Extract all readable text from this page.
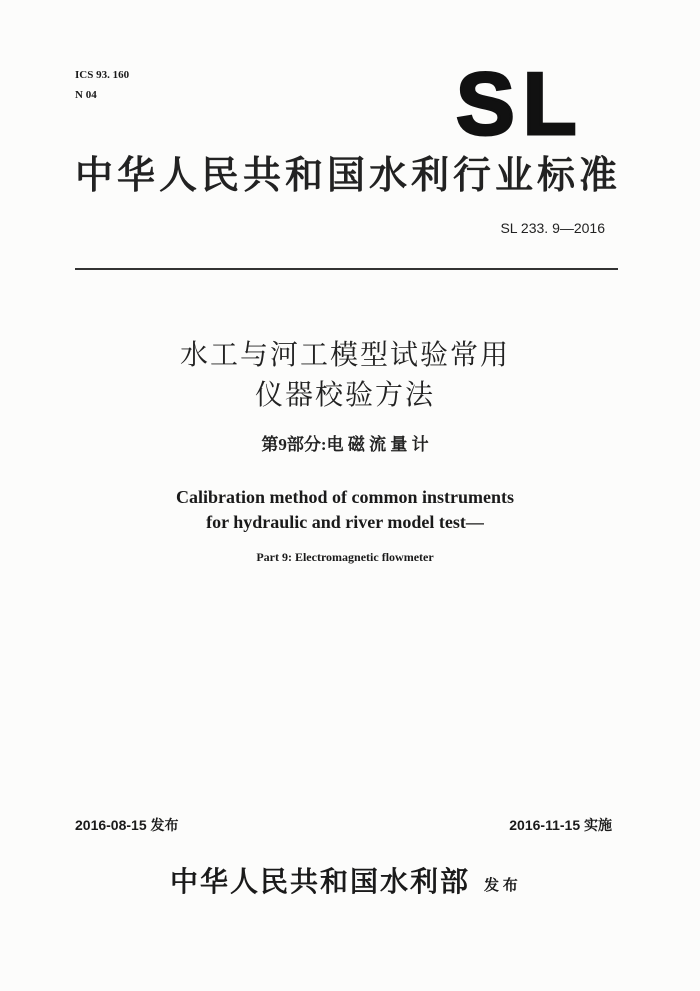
ICS 93. 160
N 04	SL
中华人民共和国水利行业标准
SL 233. 9—2016
水工与河工模型试验常用
仪器校验方法
第9部分:电 磁 流 量 计
Calibration method of common instruments
for hydraulic and river model test—
Part 9: Electromagnetic flowmeter
2016-08-15 发布	2016-11-15 实施
中华人民共和国水利部 发 布
